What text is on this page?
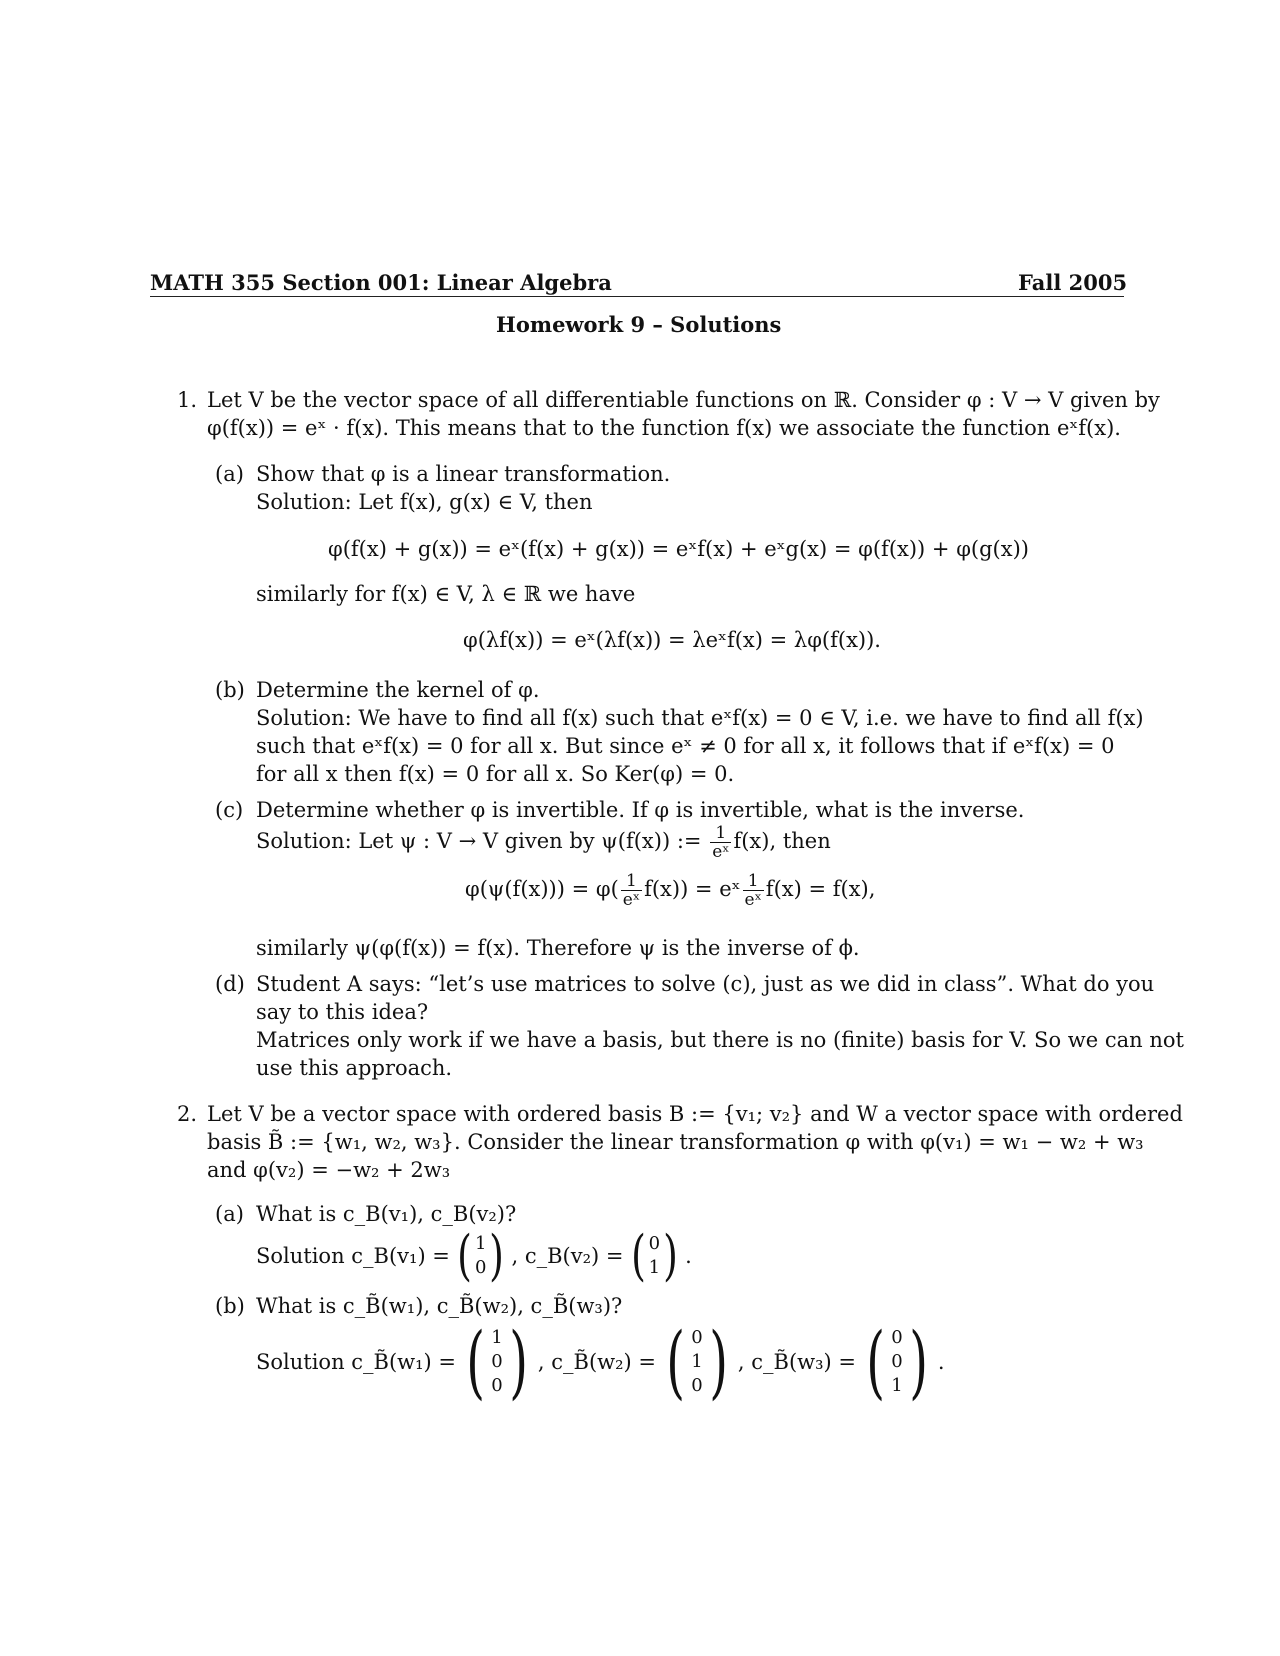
MATH 355 Section 001: Linear Algebra	Fall 2005
Homework 9 – Solutions
1. Let V be the vector space of all differentiable functions on ℝ. Consider φ : V → V given by
φ(f(x)) = eˣ · f(x). This means that to the function f(x) we associate the function eˣf(x).
(a) Show that φ is a linear transformation.
Solution: Let f(x), g(x) ∈ V, then
φ(f(x) + g(x)) = eˣ(f(x) + g(x)) = eˣf(x) + eˣg(x) = φ(f(x)) + φ(g(x))
similarly for f(x) ∈ V, λ ∈ ℝ we have
φ(λf(x)) = eˣ(λf(x)) = λeˣf(x) = λφ(f(x)).
(b) Determine the kernel of φ.
Solution: We have to find all f(x) such that eˣf(x) = 0 ∈ V, i.e. we have to find all f(x)
such that eˣf(x) = 0 for all x. But since eˣ ≠ 0 for all x, it follows that if eˣf(x) = 0
for all x then f(x) = 0 for all x. So Ker(φ) = 0.
(c) Determine whether φ is invertible. If φ is invertible, what is the inverse.
Solution: Let ψ : V → V given by ψ(f(x)) := $\frac{1}{\text{eˣ}} f(x)$, then
$\varphi(\psi(f(x))) = \varphi( \frac{1}{\text{eˣ}} f(x))$ = eˣ $\frac{1}{\text{eˣ}} f(x) = f(x)$,
similarly ψ(φ(f(x)) = f(x). Therefore ψ is the inverse of ϕ.
(d) Student A says: “let’s use matrices to solve (c), just as we did in class”. What do you
say to this idea?
Matrices only work if we have a basis, but there is no (finite) basis for V. So we can not
use this approach.
2. Let V be a vector space with ordered basis B := {v₁; v₂} and W a vector space with ordered
basis B̃ := {w₁, w₂, w₃}. Consider the linear transformation φ with φ(v₁) = w₁ − w₂ + w₃
and φ(v₂) = −w₂ + 2w₃
(a) What is c_B(v₁), c_B(v₂)?
Solution c_B(v₁) = ( 1
0 ) , c_B(v₂) = ( 0
1 ) .
(b) What is c_B̃(w₁), c_B̃(w₂), c_B̃(w₃)?
Solution c_B̃(w₁) = ( 1
0
0 ) , c_B̃(w₂) = ( 0
1
0 ) , c_B̃(w₃) = ( 0
0
1 ) .
